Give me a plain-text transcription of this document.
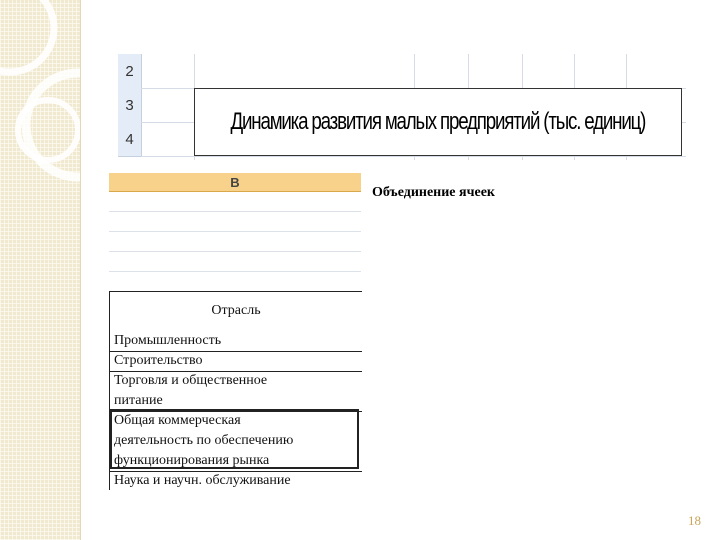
2
3
4
Динамика развития малых предприятий (тыс. единиц)
B
Отрасль
Промышленность
Строительство
Торговля и общественное
питание
Общая коммерческая
деятельность по обеспечению
функционирования рынка
Наука и научн. обслуживание
Объединение ячеек
18
